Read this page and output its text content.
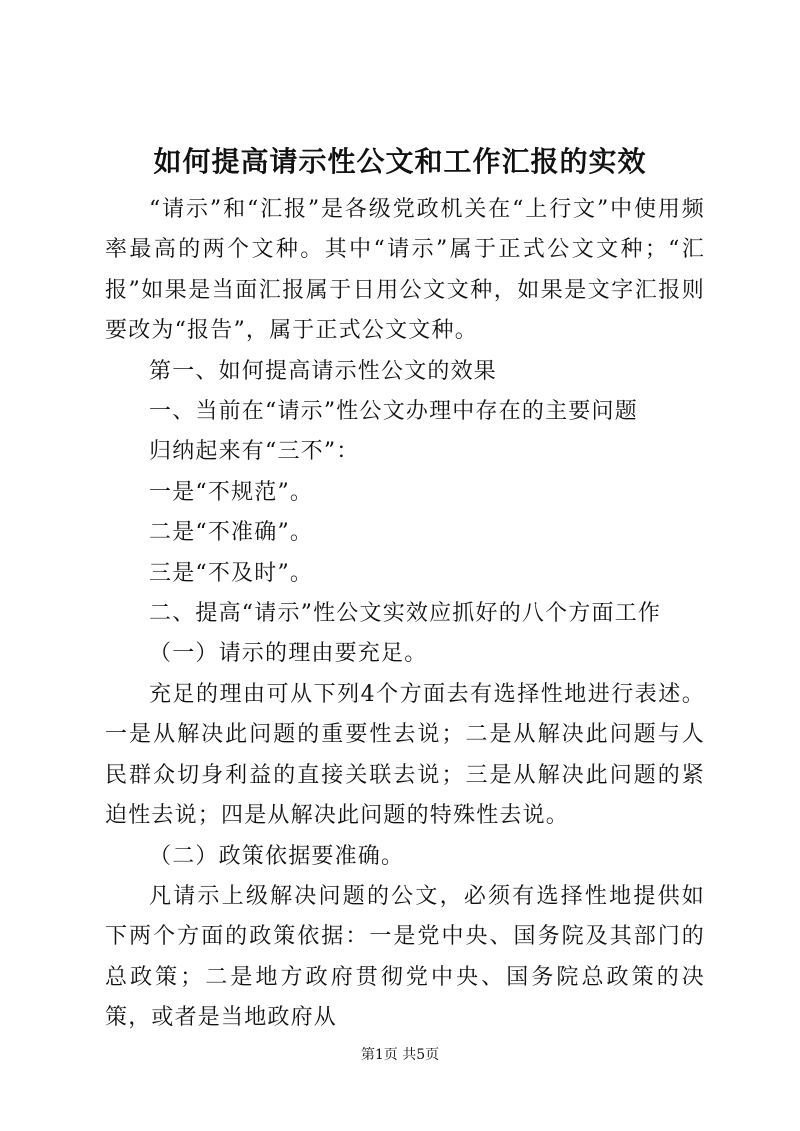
如何提高请示性公文和工作汇报的实效

“请示”和“汇报”是各级党政机关在“上行文”中使用频率最高的两个文种。其中“请示”属于正式公文文种；“汇报”如果是当面汇报属于日用公文文种，如果是文字汇报则要改为“报告”，属于正式公文文种。

第一、如何提高请示性公文的效果

一、当前在“请示”性公文办理中存在的主要问题

归纳起来有“三不”：

一是“不规范”。

二是“不准确”。

三是“不及时”。

二、提高“请示”性公文实效应抓好的八个方面工作

（一）请示的理由要充足。

充足的理由可从下列4个方面去有选择性地进行表述。一是从解决此问题的重要性去说；二是从解决此问题与人民群众切身利益的直接关联去说；三是从解决此问题的紧迫性去说；四是从解决此问题的特殊性去说。

（二）政策依据要准确。

凡请示上级解决问题的公文，必须有选择性地提供如下两个方面的政策依据：一是党中央、国务院及其部门的总政策；二是地方政府贯彻党中央、国务院总政策的决策，或者是当地政府从

第1页 共5页
